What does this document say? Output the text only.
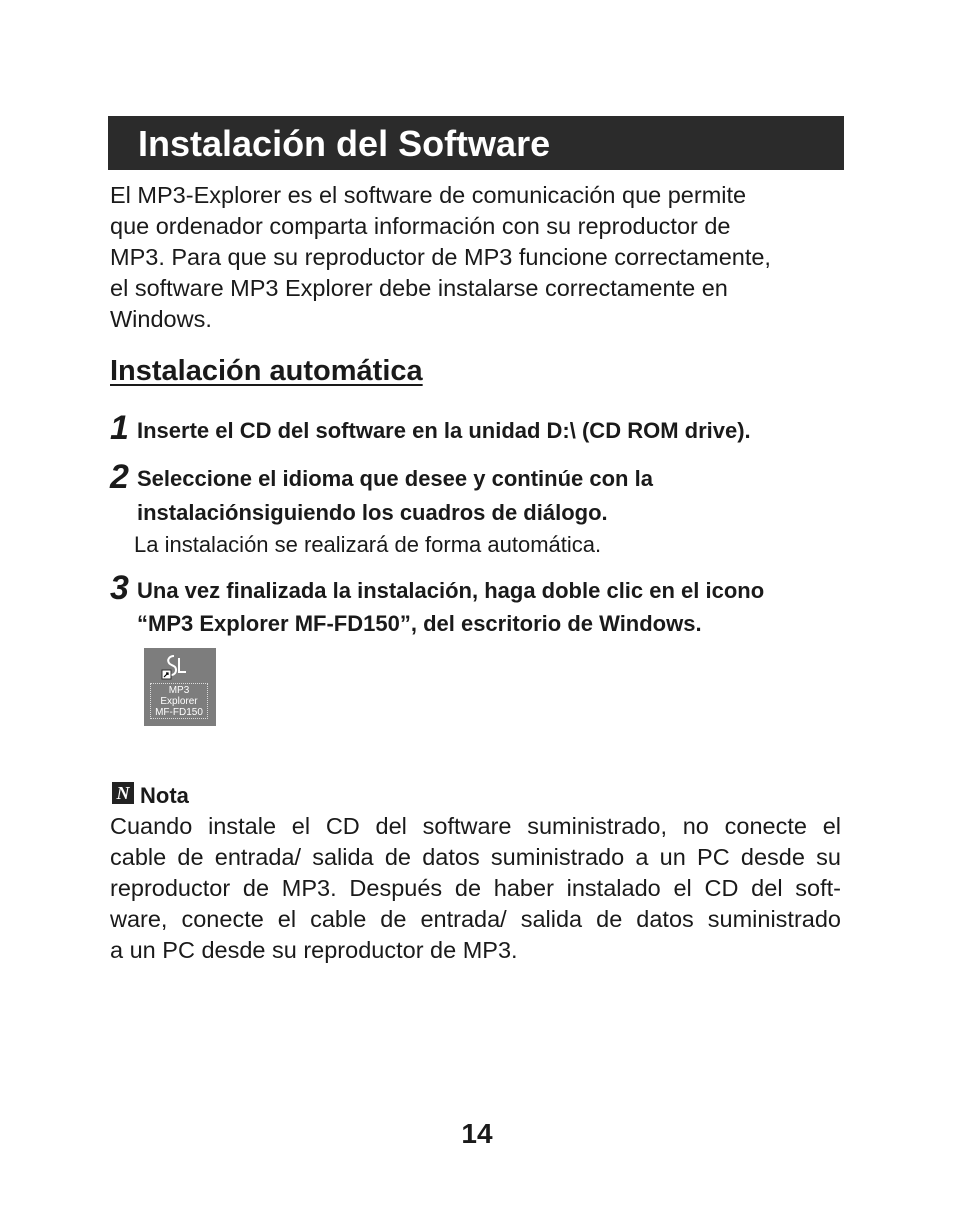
Instalación del Software
El MP3-Explorer es el software de comunicación que permite
que ordenador comparta información con su reproductor de
MP3. Para que su reproductor de MP3 funcione correctamente,
el software MP3 Explorer debe instalarse correctamente en
Windows.
Instalación automática
1 Inserte el CD del software en la unidad D:\ (CD ROM drive).
2 Seleccione el idioma que desee y continúe con la
instalaciónsiguiendo los cuadros de diálogo.
La instalación se realizará de forma automática.
3 Una vez finalizada la instalación, haga doble clic en el icono
“MP3 Explorer MF-FD150”, del escritorio de Windows.
MP3
Explorer
MF-FD150
N Nota
Cuando instale el CD del software suministrado, no conecte el
cable de entrada/ salida de datos suministrado a un PC desde su
reproductor de MP3. Después de haber instalado el CD del soft-
ware, conecte el cable de entrada/ salida de datos suministrado
a un PC desde su reproductor de MP3.
14
